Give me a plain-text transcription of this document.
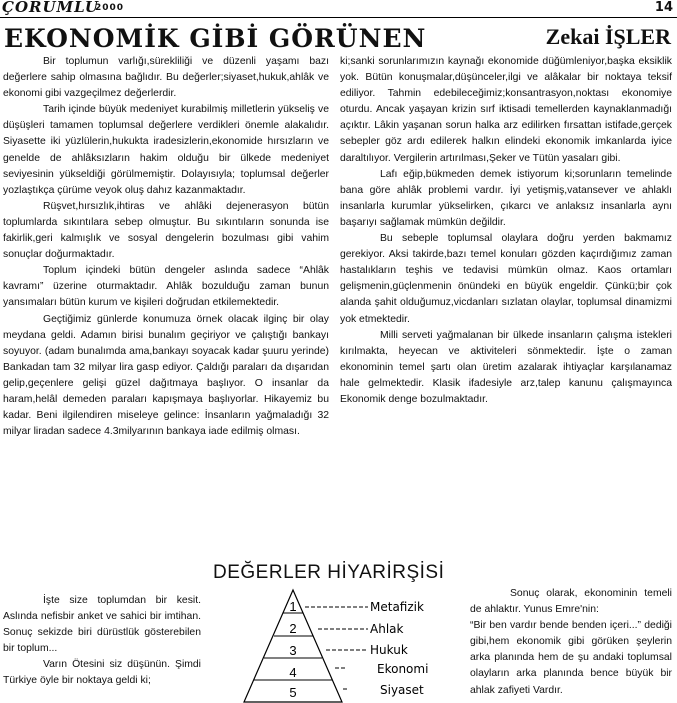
ÇORUMLU
2000	14
EKONOMİK GİBİ GÖRÜNEN	Zekai İŞLER

Bir toplumun varlığı,sürekliliği ve düzenli yaşamı bazı değerlere sahip olmasına bağlıdır. Bu değerler;siyaset,hukuk,ahlâk ve ekonomi gibi vazgeçilmez değerlerdir.

Tarih içinde büyük medeniyet kurabilmiş milletlerin yükseliş ve düşüşleri tamamen toplumsal değerlere verdikleri önemle alakalıdır. Siyasette iki yüzlülerin,hukukta iradesizlerin,ekonomide hırsızların ve genelde de ahlâksızların hakim olduğu bir ülkede medeniyet seviyesinin yükseldiği görülmemiştir. Dolayısıyla; toplumsal değerler yozlaştıkça çürüme veyok oluş dahız kazanmaktadır.

Rüşvet,hırsızlık,ihtiras ve ahlâki dejenerasyon bütün toplumlarda sıkıntılara sebep olmuştur. Bu sıkıntıların sonunda ise fakirlik,geri kalmışlık ve sosyal dengelerin bozulması gibi vahim sonuçlar doğurmaktadır.

Toplum içindeki bütün dengeler aslında sadece “Ahlâk kavramı” üzerine oturmaktadır. Ahlâk bozulduğu zaman bunun yansımaları bütün kurum ve kişileri doğrudan etkilemektedir.

Geçtiğimiz günlerde konumuza örnek olacak ilginç bir olay meydana geldi. Adamın birisi bunalım geçiriyor ve çalıştığı bankayı soyuyor. (adam bunalımda ama,bankayı soyacak kadar şuuru yerinde) Bankadan tam 32 milyar lira gasp ediyor. Çaldığı paraları da dışarıdan gelip,geçenlere gelişi güzel dağıtmaya başlıyor. O insanlar da haram,helâl demeden paraları kapışmaya başlıyorlar. Hikayemiz bu kadar. Beni ilgilendiren miseleye gelince: İnsanların yağmaladığı 32 milyar liradan sadece 4.3milyarının bankaya iade edilmiş olması.

İşte size toplumdan bir kesit. Aslında nefisbir anket ve sahici bir imtihan. Sonuç sekizde biri dürüstlük gösterebilen bir toplum...

Varın Ötesini siz düşünün. Şimdi Türkiye öyle bir noktaya geldi ki;

ki;sanki sorunlarımızın kaynağı ekonomide düğümleniyor,başka eksiklik yok. Bütün konuşmalar,düşünceler,ilgi ve alâkalar bir noktaya teksif ediliyor. Tahmin edebileceğimiz;konsantrasyon,noktası ekonomiye oturdu. Ancak yaşayan krizin sırf iktisadi temellerden kaynaklanmadığı açıktır. Lâkin yaşanan sorun halka arz edilirken fırsattan istifade,gerçek sebepler göz ardı edilerek halkın elindeki ekonomik imkanlarda iyice daraltılıyor. Vergilerin artırılması,Şeker ve Tütün yasaları gibi.

Lafı eğip,bükmeden demek istiyorum ki;sorunların temelinde bana göre ahlâk problemi vardır. İyi yetişmiş,vatansever ve ahlaklı insanlarla kurumlar yükselirken, çıkarcı ve anlaksız insanlarla aynı başarıyı sağlamak mümkün değildir.

Bu sebeple toplumsal olaylara doğru yerden bakmamız gerekiyor. Aksi takirde,bazı temel konuları gözden kaçırdığımız zaman hastalıkların teşhis ve tedavisi mümkün olmaz. Kaos ortamları gelişmenin,güçlenmenin önündeki en büyük engeldir. Çünkü;bir çok alanda şahit olduğumuz,vicdanları sızlatan olaylar, toplumsal dinamizmi yok etmektedir.

Milli serveti yağmalanan bir ülkede insanların çalışma istekleri kırılmakta, heyecan ve aktiviteleri sönmektedir. İşte o zaman ekonominin temel şartı olan üretim azalarak ihtiyaçlar karşılanamaz hale gelmektedir. Klasik ifadesiyle arz,talep kanunu çalışmayınca Ekonomik denge bozulmaktadır.

Sonuç olarak, ekonominin temeli de ahlaktır. Yunus Emre'nin:

“Bir ben vardır bende benden içeri...” dediği gibi,hem ekonomik gibi görüken şeylerin arka planında hem de şu andaki toplumsal olayların arka planında bence büyük bir ahlak zafiyeti Vardır.

DEĞERLER HİYARİRŞİSİ
1
2
3
4
5
Metafizik
Ahlak
Hukuk
Ekonomi
Siyaset
